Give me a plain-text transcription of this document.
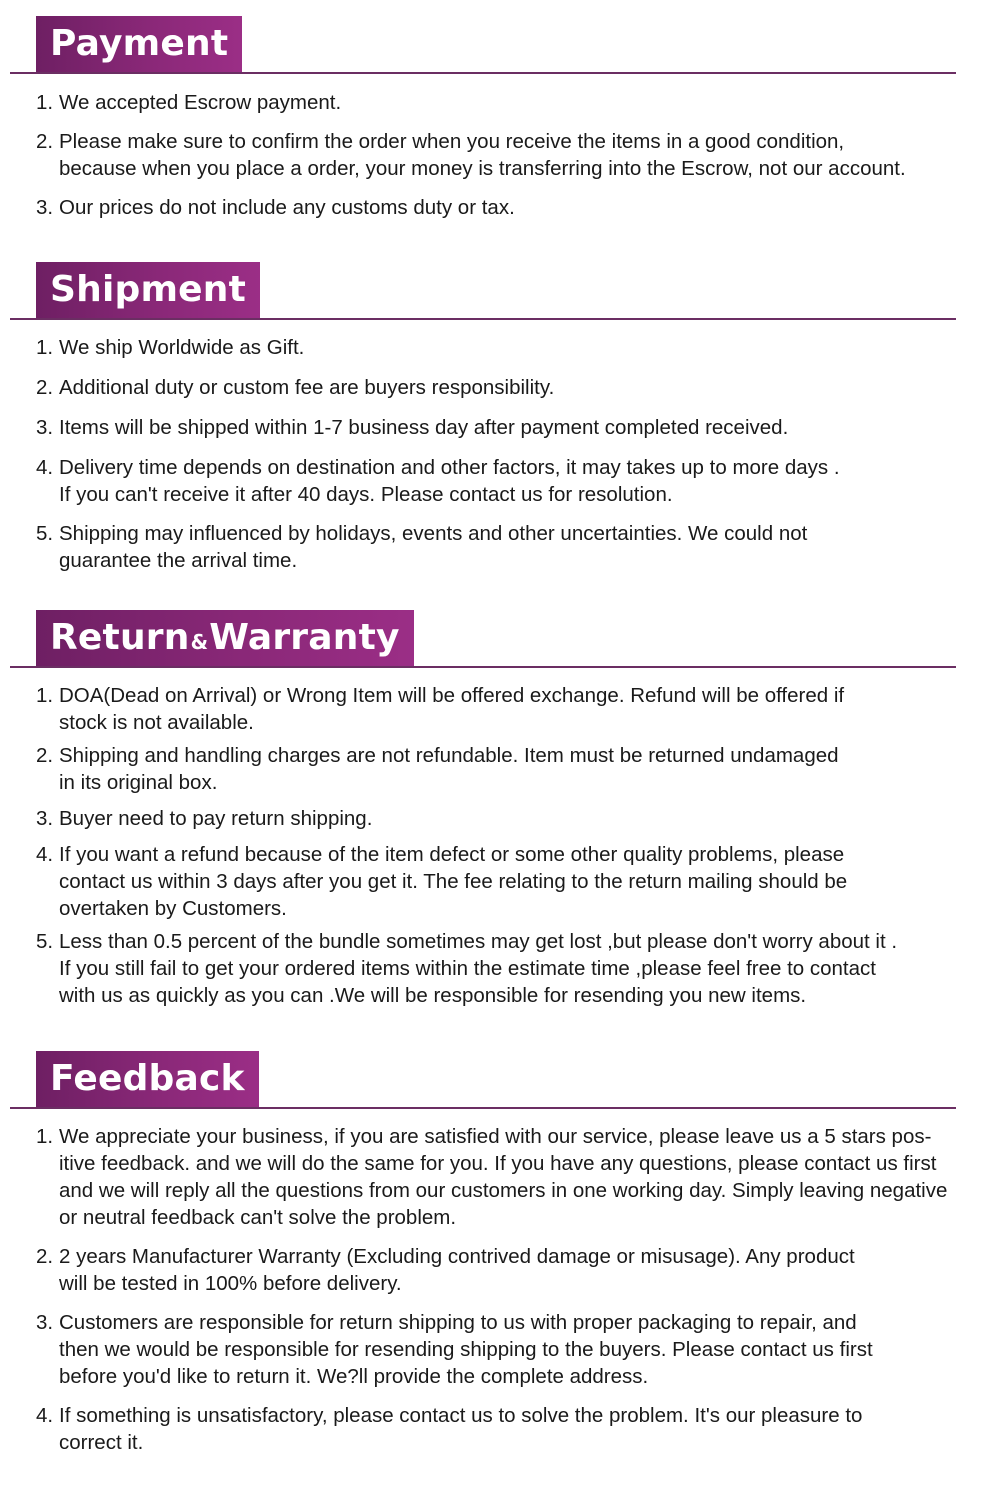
Payment
1. We accepted Escrow payment.
2. Please make sure to confirm the order when you receive the items in a good condition,
because when you place a order, your money is transferring into the Escrow, not our account.
3. Our prices do not include any customs duty or tax.
Shipment
1. We ship Worldwide as Gift.
2. Additional duty or custom fee are buyers responsibility.
3. Items will be shipped within 1-7 business day after payment completed received.
4. Delivery time depends on destination and other factors, it may takes up to more days .
If you can't receive it after 40 days. Please contact us for resolution.
5. Shipping may influenced by holidays, events and other uncertainties. We could not
guarantee the arrival time.
Return&Warranty
1. DOA(Dead on Arrival) or Wrong Item will be offered exchange. Refund will be offered if
stock is not available.
2. Shipping and handling charges are not refundable. Item must be returned undamaged
in its original box.
3. Buyer need to pay return shipping.
4. If you want a refund because of the item defect or some other quality problems, please
contact us within 3 days after you get it. The fee relating to the return mailing should be
overtaken by Customers.
5. Less than 0.5 percent of the bundle sometimes may get lost ,but please don't worry about it .
If you still fail to get your ordered items within the estimate time ,please feel free to contact
with us as quickly as you can .We will be responsible for resending you new items.
Feedback
1. We appreciate your business, if you are satisfied with our service, please leave us a 5 stars pos-
itive feedback. and we will do the same for you. If you have any questions, please contact us first
and we will reply all the questions from our customers in one working day. Simply leaving negative
or neutral feedback can't solve the problem.
2. 2 years Manufacturer Warranty (Excluding contrived damage or misusage). Any product
will be tested in 100% before delivery.
3. Customers are responsible for return shipping to us with proper packaging to repair, and
then we would be responsible for resending shipping to the buyers. Please contact us first
before you'd like to return it. We?ll provide the complete address.
4. If something is unsatisfactory, please contact us to solve the problem. It's our pleasure to
correct it.
